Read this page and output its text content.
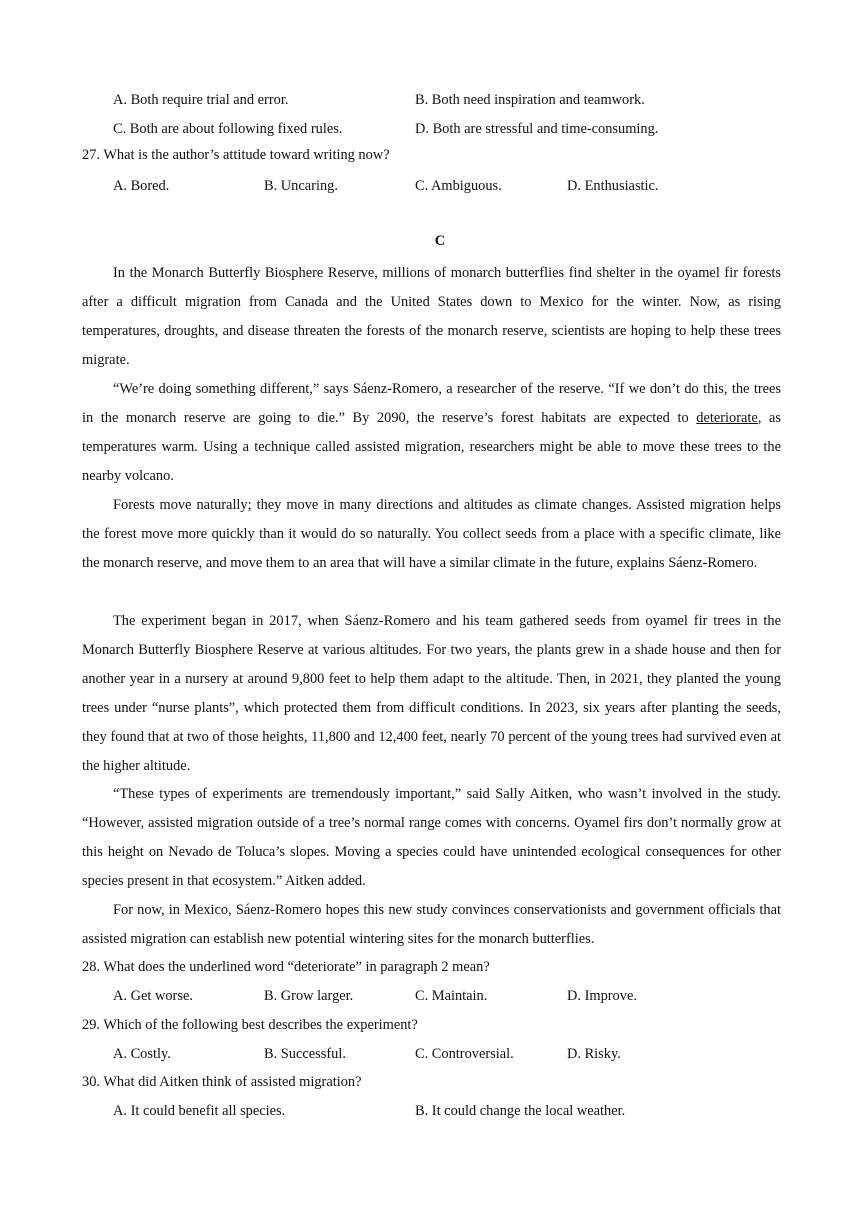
A. Both require trial and error.	B. Both need inspiration and teamwork.
C. Both are about following fixed rules.	D. Both are stressful and time-consuming.
27. What is the author’s attitude toward writing now?
A. Bored.	B. Uncaring.	C. Ambiguous.	D. Enthusiastic.
C

In the Monarch Butterfly Biosphere Reserve, millions of monarch butterflies find shelter in the oyamel fir forests after a difficult migration from Canada and the United States down to Mexico for the winter. Now, as rising temperatures, droughts, and disease threaten the forests of the monarch reserve, scientists are hoping to help these trees migrate.

“We’re doing something different,” says Sáenz-Romero, a researcher of the reserve. “If we don’t do this, the trees in the monarch reserve are going to die.” By 2090, the reserve’s forest habitats are expected to deteriorate, as temperatures warm. Using a technique called assisted migration, researchers might be able to move these trees to the nearby volcano.

Forests move naturally; they move in many directions and altitudes as climate changes. Assisted migration helps the forest move more quickly than it would do so naturally. You collect seeds from a place with a specific climate, like the monarch reserve, and move them to an area that will have a similar climate in the future, explains Sáenz-Romero.

The experiment began in 2017, when Sáenz-Romero and his team gathered seeds from oyamel fir trees in the Monarch Butterfly Biosphere Reserve at various altitudes. For two years, the plants grew in a shade house and then for another year in a nursery at around 9,800 feet to help them adapt to the altitude. Then, in 2021, they planted the young trees under “nurse plants”, which protected them from difficult conditions. In 2023, six years after planting the seeds, they found that at two of those heights, 11,800 and 12,400 feet, nearly 70 percent of the young trees had survived even at the higher altitude.

“These types of experiments are tremendously important,” said Sally Aitken, who wasn’t involved in the study. “However, assisted migration outside of a tree’s normal range comes with concerns. Oyamel firs don’t normally grow at this height on Nevado de Toluca’s slopes. Moving a species could have unintended ecological consequences for other species present in that ecosystem.” Aitken added.

For now, in Mexico, Sáenz-Romero hopes this new study convinces conservationists and government officials that assisted migration can establish new potential wintering sites for the monarch butterflies.

28. What does the underlined word “deteriorate” in paragraph 2 mean?
A. Get worse.	B. Grow larger.	C. Maintain.	D. Improve.
29. Which of the following best describes the experiment?
A. Costly.	B. Successful.	C. Controversial.	D. Risky.
30. What did Aitken think of assisted migration?
A. It could benefit all species.	B. It could change the local weather.
